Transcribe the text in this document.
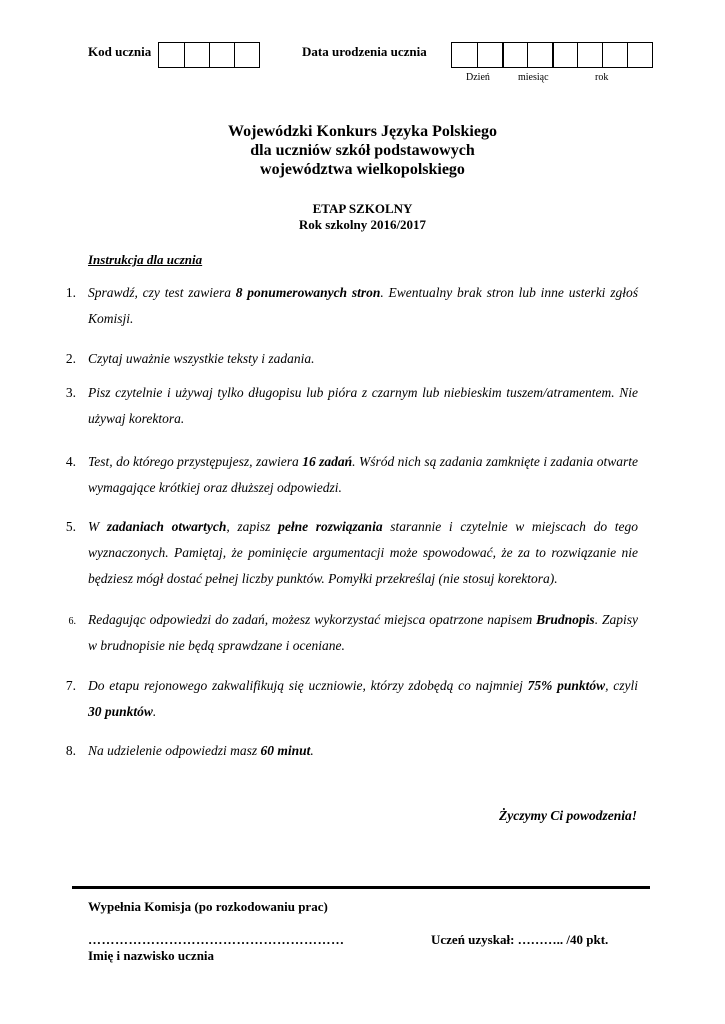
Kod ucznia	Data urodzenia ucznia
Dzień	miesiąc	rok
Wojewódzki Konkurs Języka Polskiego
dla uczniów szkół podstawowych
województwa wielkopolskiego
ETAP SZKOLNY
Rok szkolny 2016/2017
Instrukcja dla ucznia
1. Sprawdź, czy test zawiera 8 ponumerowanych stron. Ewentualny brak stron lub inne usterki zgłoś Komisji.
2. Czytaj uważnie wszystkie teksty i zadania.
3. Pisz czytelnie i używaj tylko długopisu lub pióra z czarnym lub niebieskim tuszem/atramentem. Nie używaj korektora.
4. Test, do którego przystępujesz, zawiera 16 zadań. Wśród nich są zadania zamknięte i zadania otwarte wymagające krótkiej oraz dłuższej odpowiedzi.
5. W zadaniach otwartych, zapisz pełne rozwiązania starannie i czytelnie w miejscach do tego wyznaczonych. Pamiętaj, że pominięcie argumentacji może spowodować, że za to rozwiązanie nie będziesz mógł dostać pełnej liczby punktów. Pomyłki przekreślaj (nie stosuj korektora).
6. Redagując odpowiedzi do zadań, możesz wykorzystać miejsca opatrzone napisem Brudnopis. Zapisy w brudnopisie nie będą sprawdzane i oceniane.
7. Do etapu rejonowego zakwalifikują się uczniowie, którzy zdobędą co najmniej 75% punktów, czyli 30 punktów.
8. Na udzielenie odpowiedzi masz 60 minut.
Życzymy Ci powodzenia!
Wypełnia Komisja (po rozkodowaniu prac)
…………………………………………………
Imię i nazwisko ucznia
Uczeń uzyskał: ……….. /40 pkt.
